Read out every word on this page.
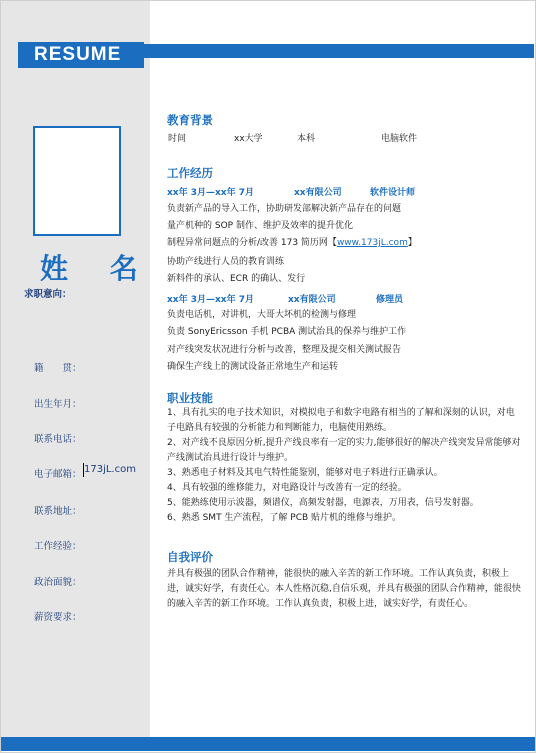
RESUME
姓 名
求职意向：
籍　　贯：
出生年月：
联系电话：
电子邮箱： 173jL.com
联系地址：
工作经验：
政治面貌：
薪资要求：
教育背景
时间	xx大学	本科	电脑软件
工作经历
xx年 3月—xx年 7月	xx有限公司	软件设计师
负责新产品的导入工作，协助研发部解决新产品存在的问题
量产机种的 SOP 制作、维护及效率的提升优化
制程异常问题点的分析/改善 173 简历网【www.173jL.com】
协助产线进行人员的教育训练
新料件的承认、ECR 的确认、发行
xx年 3月—xx年 7月	xx有限公司	修理员
负责电话机，对讲机，大哥大坏机的检测与修理
负责 SonyEricsson 手机 PCBA 测试治具的保养与维护工作
对产线突发状况进行分析与改善，整理及提交相关测试报告
确保生产线上的测试设备正常地生产和运转
职业技能
1、具有扎实的电子技术知识，对模拟电子和数字电路有相当的了解和深刻的认识，对电子电路具有较强的分析能力和判断能力，电脑使用熟练。
2、对产线不良原因分析,提升产线良率有一定的实力,能够很好的解决产线突发异常能够对产线测试治具进行设计与维护。
3、熟悉电子材料及其电气特性能鉴别，能够对电子料进行正确承认。
4、具有较强的维修能力，对电路设计与改善有一定的经验。
5、能熟练使用示波器，频谱仪，高频发射器，电源表，万用表，信号发射器。
6、熟悉 SMT 生产流程，了解 PCB 贴片机的维修与维护。
自我评价
并具有极强的团队合作精神，能很快的融入辛苦的新工作环境。工作认真负责，积极上进，诚实好学，有责任心。本人性格沉稳,自信乐观，并具有极强的团队合作精神，能很快的融入辛苦的新工作环境。工作认真负责，积极上进，诚实好学，有责任心。
